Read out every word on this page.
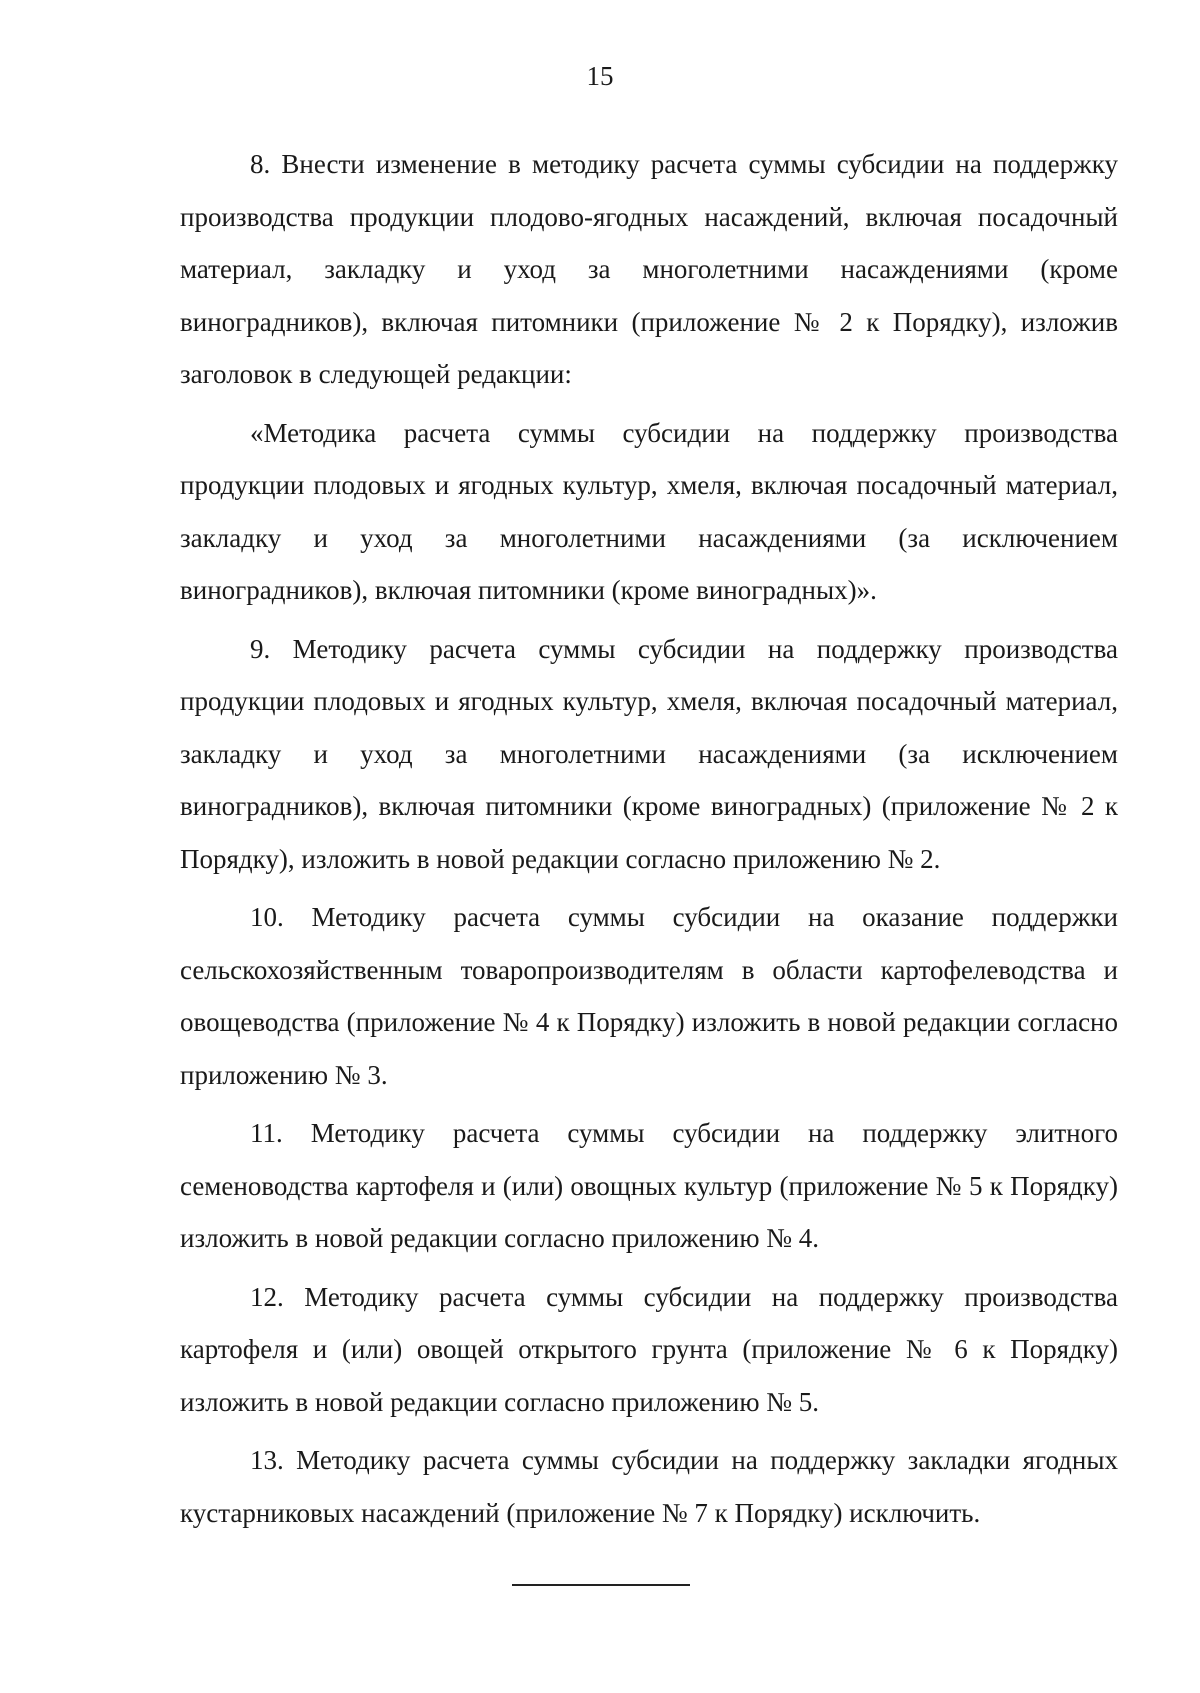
15

8. Внести изменение в методику расчета суммы субсидии на поддержку производства продукции плодово-ягодных насаждений, включая посадочный материал, закладку и уход за многолетними насаждениями (кроме виноградников), включая питомники (приложение № 2 к Порядку), изложив заголовок в следующей редакции:

«Методика расчета суммы субсидии на поддержку производства продукции плодовых и ягодных культур, хмеля, включая посадочный материал, закладку и уход за многолетними насаждениями (за исключением виноградников), включая питомники (кроме виноградных)».

9. Методику расчета суммы субсидии на поддержку производства продукции плодовых и ягодных культур, хмеля, включая посадочный материал, закладку и уход за многолетними насаждениями (за исключением виноградников), включая питомники (кроме виноградных) (приложение № 2 к Порядку), изложить в новой редакции согласно приложению № 2.

10. Методику расчета суммы субсидии на оказание поддержки сельскохозяйственным товаропроизводителям в области картофелеводства и овощеводства (приложение № 4 к Порядку) изложить в новой редакции согласно приложению № 3.

11. Методику расчета суммы субсидии на поддержку элитного семеноводства картофеля и (или) овощных культур (приложение № 5 к Порядку) изложить в новой редакции согласно приложению № 4.

12. Методику расчета суммы субсидии на поддержку производства картофеля и (или) овощей открытого грунта (приложение № 6 к Порядку) изложить в новой редакции согласно приложению № 5.

13. Методику расчета суммы субсидии на поддержку закладки ягодных кустарниковых насаждений (приложение № 7 к Порядку) исключить.
